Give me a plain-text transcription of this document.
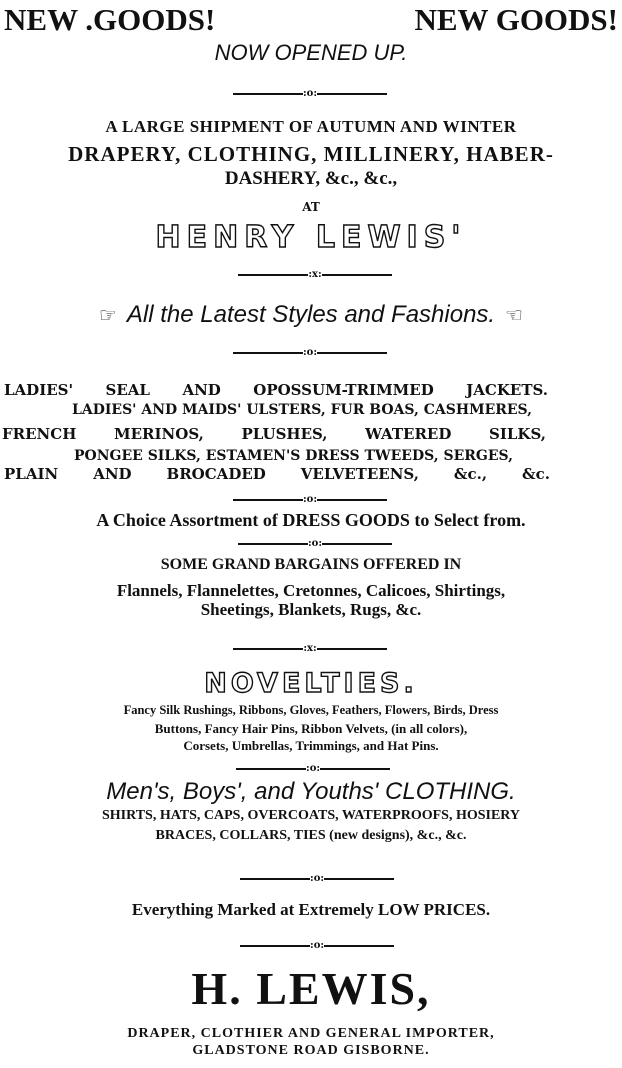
NEW .GOODS!	NEW GOODS!
NOW OPENED UP.
:o:
A LARGE SHIPMENT OF AUTUMN AND WINTER
DRAPERY, CLOTHING, MILLINERY, HABER-
DASHERY, &c., &c.,
AT
HENRY LEWIS'
:x:
☞ All the Latest Styles and Fashions. ☜
:o:
LADIES' SEAL AND OPOSSUM-TRIMMED JACKETS.
LADIES' AND MAIDS' ULSTERS, FUR BOAS, CASHMERES,
FRENCH	MERINOS,	PLUSHES,	WATERED	SILKS,
PONGEE SILKS, ESTAMEN'S DRESS TWEEDS, SERGES,
PLAIN AND BROCADED VELVETEENS, &c., &c.
:o:
A Choice Assortment of DRESS GOODS to Select from.
:o:
SOME GRAND BARGAINS OFFERED IN
Flannels, Flannelettes, Cretonnes, Calicoes, Shirtings,
Sheetings, Blankets, Rugs, &c.
:x:
NOVELTIES.
Fancy Silk Rushings, Ribbons, Gloves, Feathers, Flowers, Birds, Dress
Buttons, Fancy Hair Pins, Ribbon Velvets, (in all colors),
Corsets, Umbrellas, Trimmings, and Hat Pins.
:o:
Men's, Boys', and Youths' CLOTHING.
SHIRTS, HATS, CAPS, OVERCOATS, WATERPROOFS, HOSIERY
BRACES, COLLARS, TIES (new designs), &c., &c.
:o:
Everything Marked at Extremely LOW PRICES.
:o:
H. LEWIS,
DRAPER, CLOTHIER AND GENERAL IMPORTER,
GLADSTONE ROAD GISBORNE.
